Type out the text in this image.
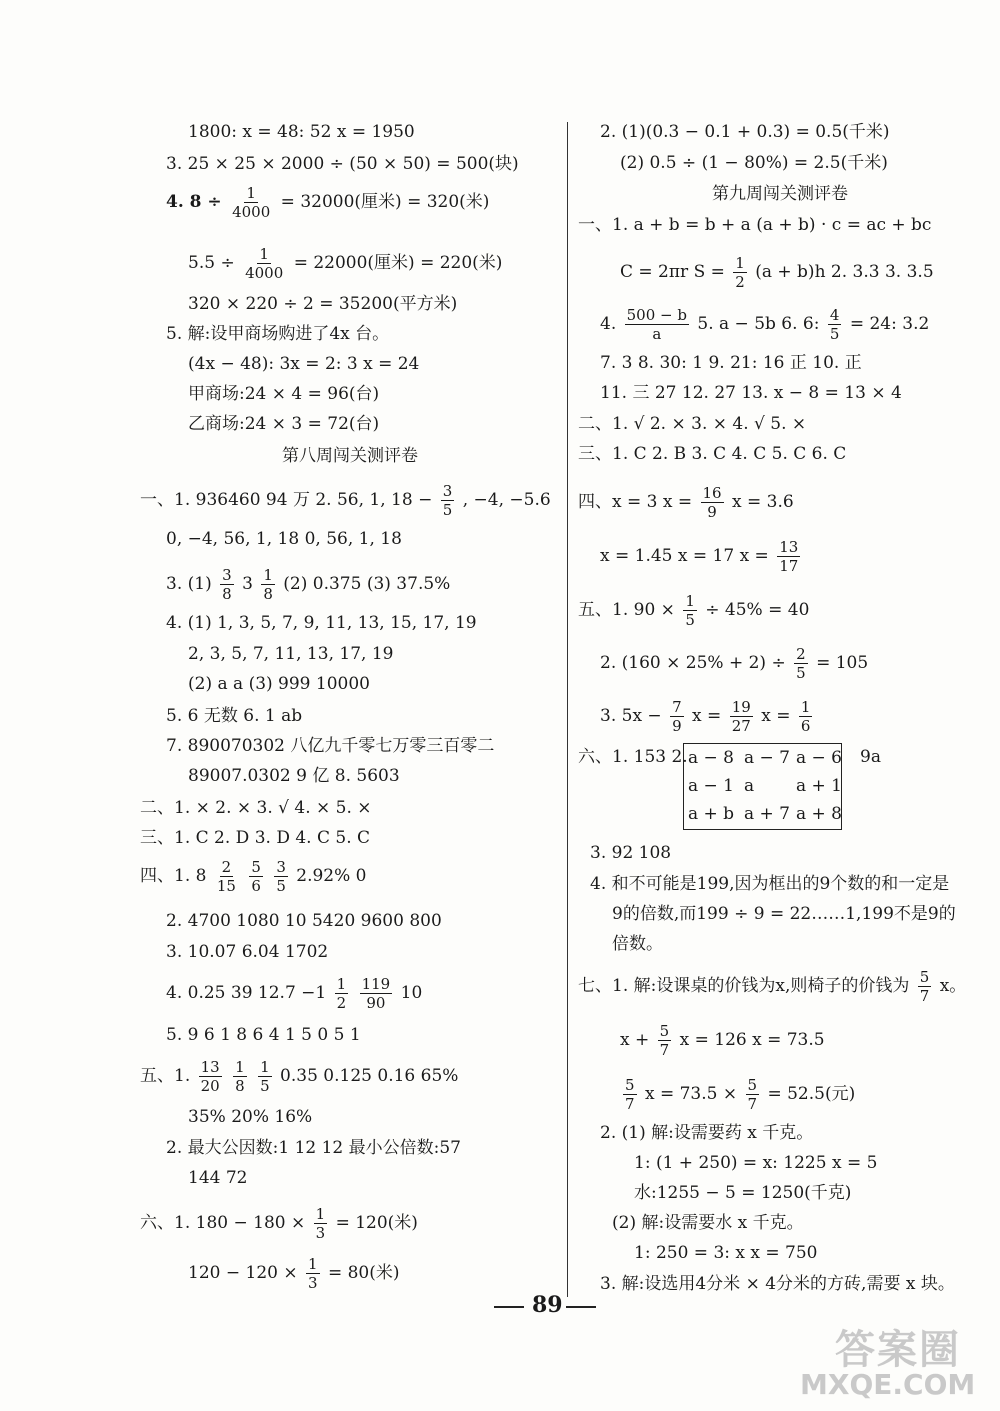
1800: x = 48: 52 x = 1950
3. 25 × 25 × 2000 ÷ (50 × 50) = 500(块)
4. $8 \div \frac{1}{4000} = 32000$(厘米) = 320(米)
$5.5 \div \frac{1}{4000} = 22000$(厘米) = 220(米)
320 × 220 ÷ 2 = 35200(平方米)
5. 解:设甲商场购进了4x 台。
(4x − 48): 3x = 2: 3 x = 24
甲商场:24 × 4 = 96(台)
乙商场:24 × 3 = 72(台)
第八周闯关测评卷
一、1. 936460 94 万 2. 56, 1, $18 - \frac{3}{5}$ , −4, −5.6
0, −4, 56, 1, 18 0, 56, 1, 18
3. $(1) \frac{3}{8} 3 \frac{1}{8} (2)$ 0.375 (3) 37.5%
4. (1) 1, 3, 5, 7, 9, 11, 13, 15, 17, 19
2, 3, 5, 7, 11, 13, 17, 19
(2) a a (3) 999 10000
5. 6 无数 6. 1 ab
7. 890070302 八亿九千零七万零三百零二
89007.0302 9 亿 8. 5603
二、1. × 2. × 3. √ 4. × 5. ×
三、1. C 2. D 3. D 4. C 5. C
四、1. $8 \frac{2}{15}$
$\frac{5}{6}$
$\frac{3}{5} 2.92\%$ 0
2. 4700 1080 10 5420 9600 800
3. 10.07 6.04 1702
4. 0.25 39 $12.7 -1 \frac{1}{2}$
$\frac{119}{90} 10$
5. 9 6 1 8 6 4 1 5 0 5 1
五、1. $\frac{13}{20}$
$\frac{1}{8}$
$\frac{1}{5} 0.35$ 0.125 0.16 65%
35% 20% 16%
2. 最大公因数:1 12 12 最小公倍数:57
144 72
六、1. $180 - 180 \times \frac{1}{3} = 120$(米)
$120 - 120 \times \frac{1}{3} = 80$(米)
2. (1)(0.3 − 0.1 + 0.3) = 0.5(千米)
(2) 0.5 ÷ (1 − 80%) = 2.5(千米)
第九周闯关测评卷
一、1. a + b = b + a (a + b) · c = ac + bc
C = 2πr $S = \frac{1}{2} (a + b)h$ 2. 3.3 3. 3.5
4. $\frac{500 - b}{a} 5$. a − 5b 6. 6: $\frac{4}{5} = 24$: 3.2
7. 3 8. 30: 1 9. 21: 16 正 10. 正
11. 三 27 12. 27 13. x − 8 = 13 × 4
二、1. √ 2. × 3. × 4. √ 5. ×
三、1. C 2. B 3. C 4. C 5. C 6. C
四、x = 3 $x = \frac{16}{9}$ x = 3.6
x = 1.45 x = 17 $x = \frac{13}{17}$
五、1. $90 \times \frac{1}{5} \div 45\% = 40$
2. $(160 \times 25\% + 2) \div \frac{2}{5} = 105$
3. $5x - \frac{7}{9}$ $x = \frac{19}{27}$ $x = \frac{1}{6}$
六、1. 153 2. a − 8 a − 7 a − 6
a − 1 a a + 1
a + b a + 7 a + 8
9a
3. 92 108
4. 和不可能是199,因为框出的9个数的和一定是
9的倍数,而199 ÷ 9 = 22……1,199不是9的
倍数。
七、1. 解:设课桌的价钱为x,则椅子的价钱为 $\frac{5}{7}$ x。
$x + \frac{5}{7}$ x = 126 x = 73.5
$\frac{5}{7}$ $x = 73.5 \times \frac{5}{7} = 52.5$(元)
2. (1) 解:设需要药 x 千克。
1: (1 + 250) = x: 1225 x = 5
水:1255 − 5 = 1250(千克)
(2) 解:设需要水 x 千克。
1: 250 = 3: x x = 750
3. 解:设选用4分米 × 4分米的方砖,需要 x 块。
89
答案圈
MXQE.COM
